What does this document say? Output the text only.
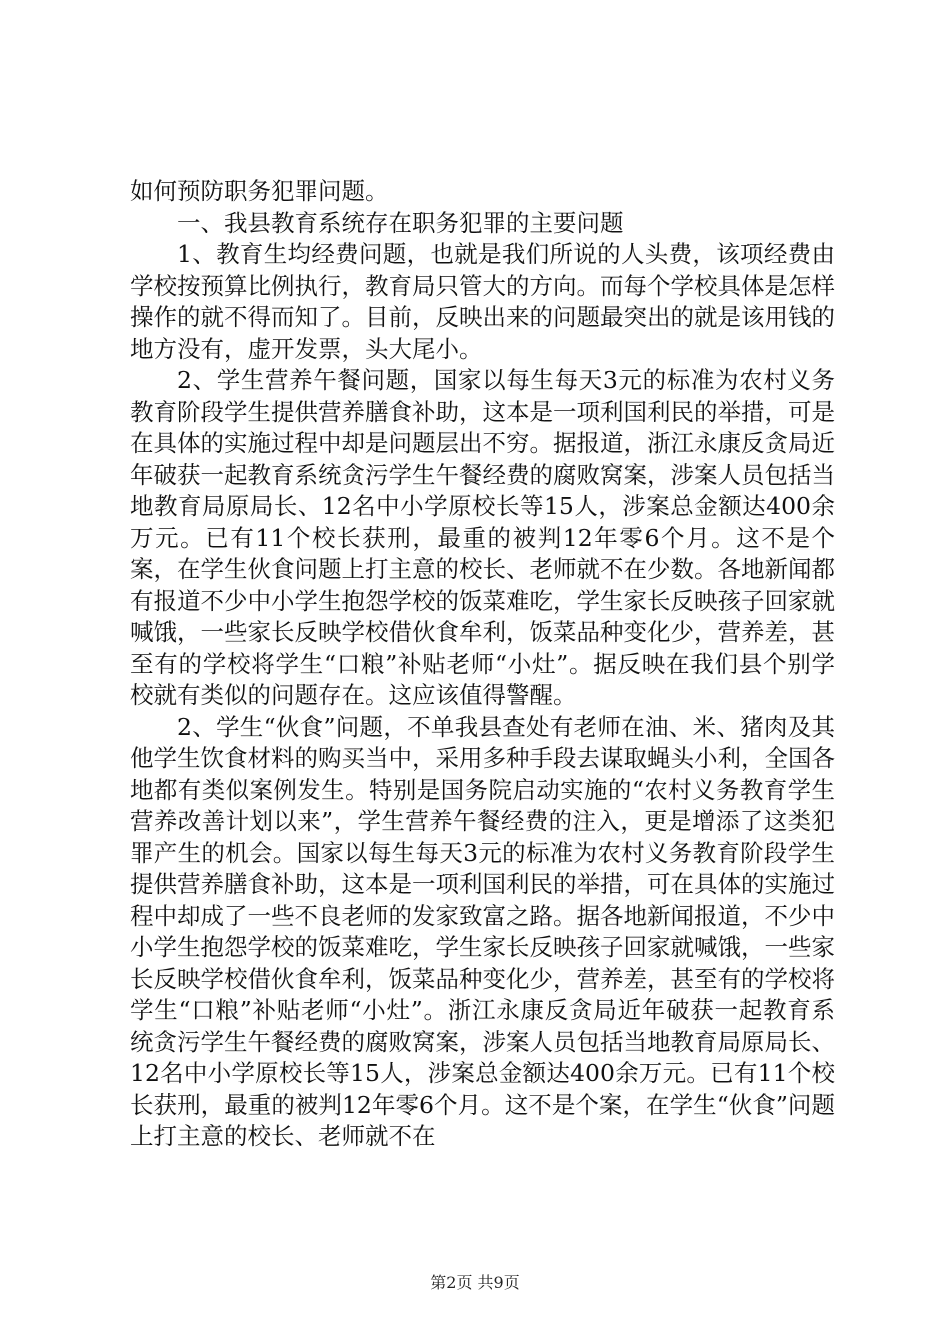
如何预防职务犯罪问题。

一、我县教育系统存在职务犯罪的主要问题

1、教育生均经费问题，也就是我们所说的人头费，该项经费由学校按预算比例执行，教育局只管大的方向。而每个学校具体是怎样操作的就不得而知了。目前，反映出来的问题最突出的就是该用钱的地方没有，虚开发票，头大尾小。

2、学生营养午餐问题，国家以每生每天3元的标准为农村义务教育阶段学生提供营养膳食补助，这本是一项利国利民的举措，可是在具体的实施过程中却是问题层出不穷。据报道，浙江永康反贪局近年破获一起教育系统贪污学生午餐经费的腐败窝案，涉案人员包括当地教育局原局长、12名中小学原校长等15人，涉案总金额达400余万元。已有11个校长获刑，最重的被判12年零6个月。这不是个案，在学生伙食问题上打主意的校长、老师就不在少数。各地新闻都有报道不少中小学生抱怨学校的饭菜难吃，学生家长反映孩子回家就喊饿，一些家长反映学校借伙食牟利，饭菜品种变化少，营养差，甚至有的学校将学生“口粮”补贴老师“小灶”。据反映在我们县个别学校就有类似的问题存在。这应该值得警醒。

2、学生“伙食”问题，不单我县查处有老师在油、米、猪肉及其他学生饮食材料的购买当中，采用多种手段去谋取蝇头小利，全国各地都有类似案例发生。特别是国务院启动实施的“农村义务教育学生营养改善计划以来”，学生营养午餐经费的注入，更是增添了这类犯罪产生的机会。国家以每生每天3元的标准为农村义务教育阶段学生提供营养膳食补助，这本是一项利国利民的举措，可在具体的实施过程中却成了一些不良老师的发家致富之路。据各地新闻报道，不少中小学生抱怨学校的饭菜难吃，学生家长反映孩子回家就喊饿，一些家长反映学校借伙食牟利，饭菜品种变化少，营养差，甚至有的学校将学生“口粮”补贴老师“小灶”。浙江永康反贪局近年破获一起教育系统贪污学生午餐经费的腐败窝案，涉案人员包括当地教育局原局长、12名中小学原校长等15人，涉案总金额达400余万元。已有11个校长获刑，最重的被判12年零6个月。这不是个案，在学生“伙食”问题上打主意的校长、老师就不在

第2页 共9页
